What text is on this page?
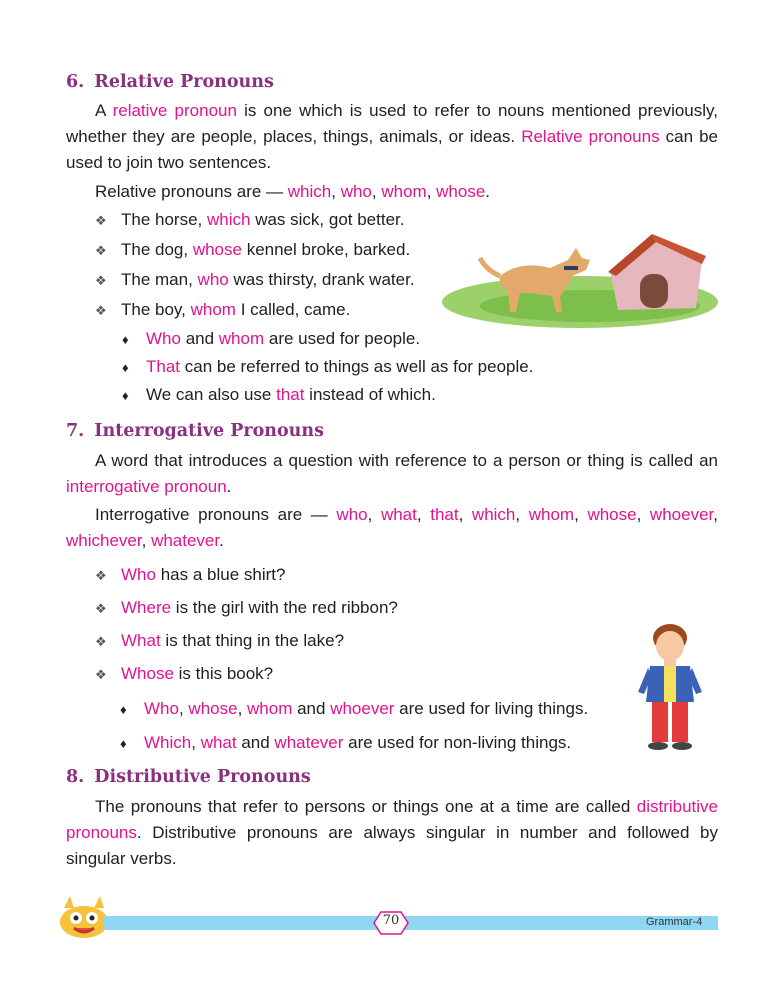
6. Relative Pronouns

A relative pronoun is one which is used to refer to nouns mentioned previously, whether they are people, places, things, animals, or ideas. Relative pronouns can be used to join two sentences.

Relative pronouns are — which, who, whom, whose.

❖ The horse, which was sick, got better.
❖ The dog, whose kennel broke, barked.
❖ The man, who was thirsty, drank water.
❖ The boy, whom I called, came.
♦ Who and whom are used for people.
♦ That can be referred to things as well as for people.
♦ We can also use that instead of which.
7. Interrogative Pronouns

A word that introduces a question with reference to a person or thing is called an interrogative pronoun.

Interrogative pronouns are — who, what, that, which, whom, whose, whoever, whichever, whatever.

❖ Who has a blue shirt?
❖ Where is the girl with the red ribbon?
❖ What is that thing in the lake?
❖ Whose is this book?
♦ Who, whose, whom and whoever are used for living things.
♦ Which, what and whatever are used for non-living things.
8. Distributive Pronouns

The pronouns that refer to persons or things one at a time are called distributive pronouns. Distributive pronouns are always singular in number and followed by singular verbs.

70	Grammar-4
